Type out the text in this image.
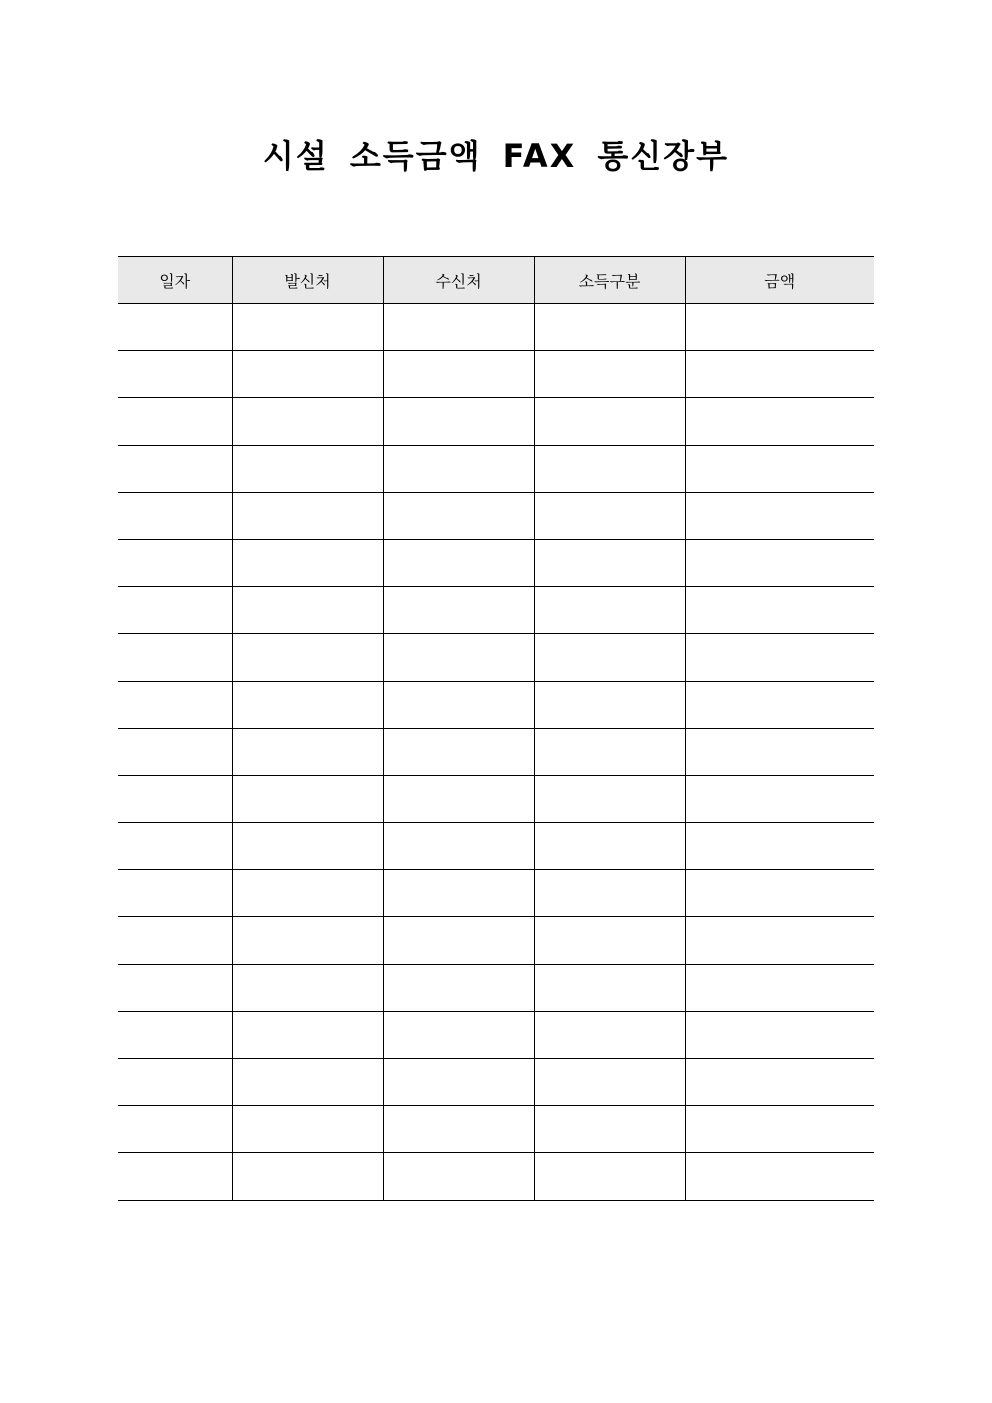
시설 소득금액 FAX 통신장부
일자	발신처	수신처	소득구분	금액
